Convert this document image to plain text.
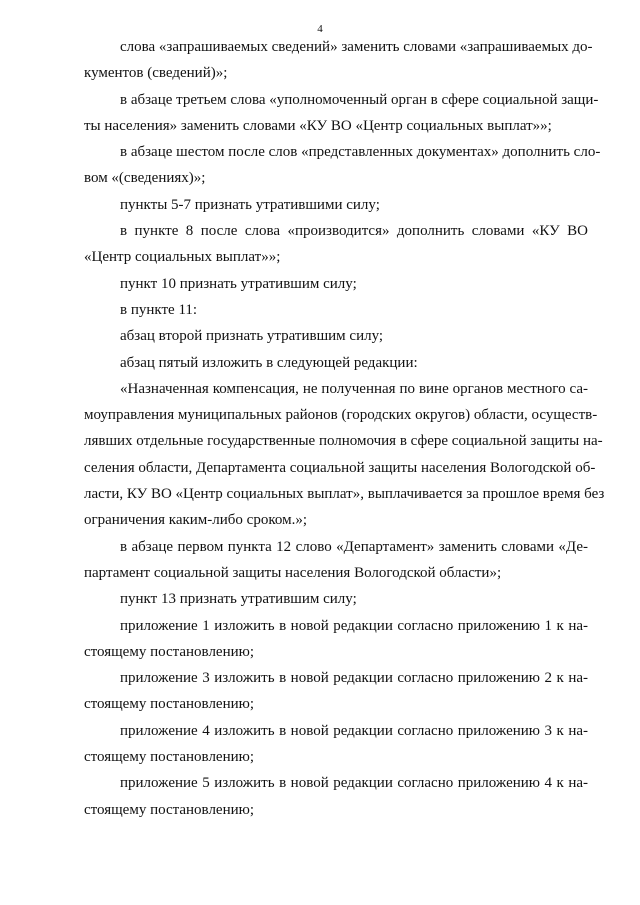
4
слова «запрашиваемых сведений» заменить словами «запрашиваемых до-
кументов (сведений)»;
в абзаце третьем слова «уполномоченный орган в сфере социальной защи-
ты населения» заменить словами «КУ ВО «Центр социальных выплат»»;
в абзаце шестом после слов «представленных документах» дополнить сло-
вом «(сведениях)»;
пункты 5-7 признать утратившими силу;
в пункте 8 после слова «производится» дополнить словами «КУ ВО
«Центр социальных выплат»»;
пункт 10 признать утратившим силу;
в пункте 11:
абзац второй признать утратившим силу;
абзац пятый изложить в следующей редакции:
«Назначенная компенсация, не полученная по вине органов местного са-
моуправления муниципальных районов (городских округов) области, осуществ-
лявших отдельные государственные полномочия в сфере социальной защиты на-
селения области, Департамента социальной защиты населения Вологодской об-
ласти, КУ ВО «Центр социальных выплат», выплачивается за прошлое время без
ограничения каким-либо сроком.»;
в абзаце первом пункта 12 слово «Департамент» заменить словами «Де-
партамент социальной защиты населения Вологодской области»;
пункт 13 признать утратившим силу;
приложение 1 изложить в новой редакции согласно приложению 1 к на-
стоящему постановлению;
приложение 3 изложить в новой редакции согласно приложению 2 к на-
стоящему постановлению;
приложение 4 изложить в новой редакции согласно приложению 3 к на-
стоящему постановлению;
приложение 5 изложить в новой редакции согласно приложению 4 к на-
стоящему постановлению;
